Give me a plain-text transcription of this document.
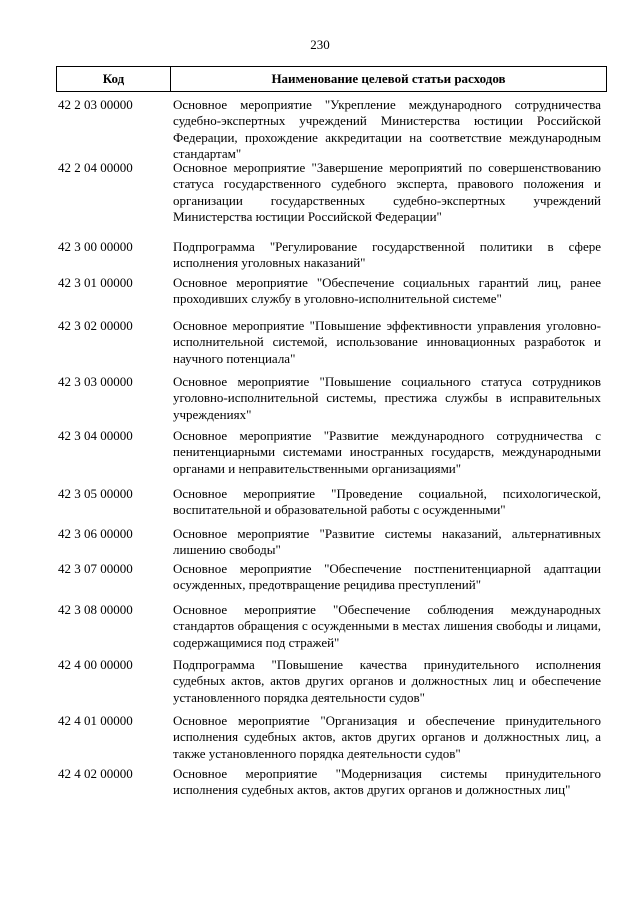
230
Код	Наименование целевой статьи расходов
42 2 03 00000	Основное мероприятие "Укрепление международного сотрудничества судебно-экспертных учреждений Министерства юстиции Российской Федерации, прохождение аккредитации на соответствие международным стандартам"
42 2 04 00000	Основное мероприятие "Завершение мероприятий по совершенствованию статуса государственного судебного эксперта, правового положения и организации государственных судебно-экспертных учреждений Министерства юстиции Российской Федерации"
42 3 00 00000	Подпрограмма "Регулирование государственной политики в сфере исполнения уголовных наказаний"
42 3 01 00000	Основное мероприятие "Обеспечение социальных гарантий лиц, ранее проходивших службу в уголовно-исполнительной системе"
42 3 02 00000	Основное мероприятие "Повышение эффективности управления уголовно-исполнительной системой, использование инновационных разработок и научного потенциала"
42 3 03 00000	Основное мероприятие "Повышение социального статуса сотрудников уголовно-исполнительной системы, престижа службы в исправительных учреждениях"
42 3 04 00000	Основное мероприятие "Развитие международного сотрудничества с пенитенциарными системами иностранных государств, международными органами и неправительственными организациями"
42 3 05 00000	Основное мероприятие "Проведение социальной, психологической, воспитательной и образовательной работы с осужденными"
42 3 06 00000	Основное мероприятие "Развитие системы наказаний, альтернативных лишению свободы"
42 3 07 00000	Основное мероприятие "Обеспечение постпенитенциарной адаптации осужденных, предотвращение рецидива преступлений"
42 3 08 00000	Основное мероприятие "Обеспечение соблюдения международных стандартов обращения с осужденными в местах лишения свободы и лицами, содержащимися под стражей"
42 4 00 00000	Подпрограмма "Повышение качества принудительного исполнения судебных актов, актов других органов и должностных лиц и обеспечение установленного порядка деятельности судов"
42 4 01 00000	Основное мероприятие "Организация и обеспечение принудительного исполнения судебных актов, актов других органов и должностных лиц, а также установленного порядка деятельности судов"
42 4 02 00000	Основное мероприятие "Модернизация системы принудительного исполнения судебных актов, актов других органов и должностных лиц"
